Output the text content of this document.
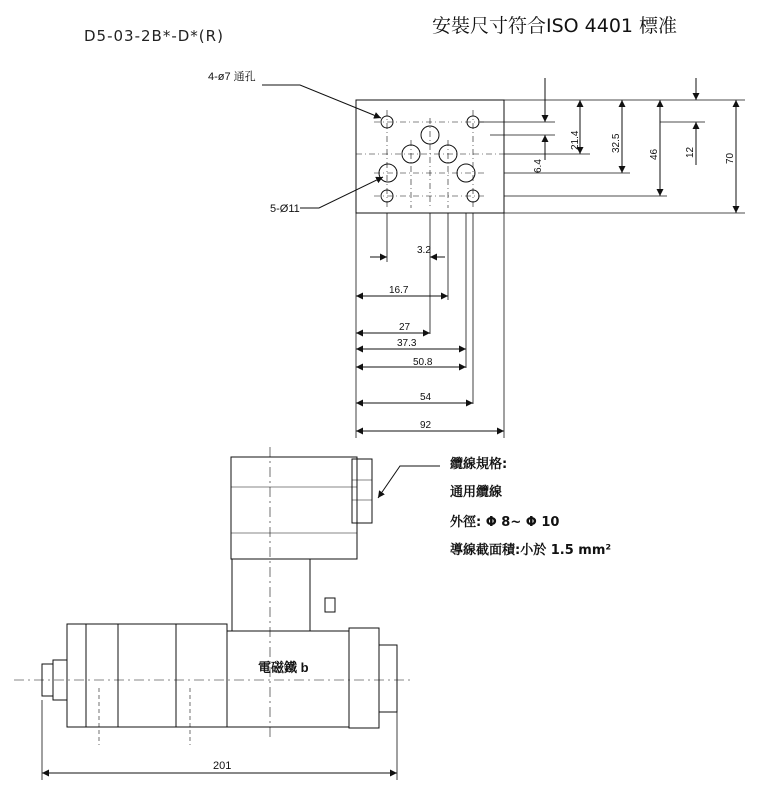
D5-03-2B*-D*(R)	安裝尺寸符合ISO 4401 標准
6.4
21.4	32.5
46	12
70
3.2
16.7
27
37.3
50.8
54
92
4-ø7 通孔
5-Ø11
電磁鐵 b
201
纜線規格:
通用纜線
外徑: Φ 8~ Φ 10
導線截面積:小於 1.5 mm²
